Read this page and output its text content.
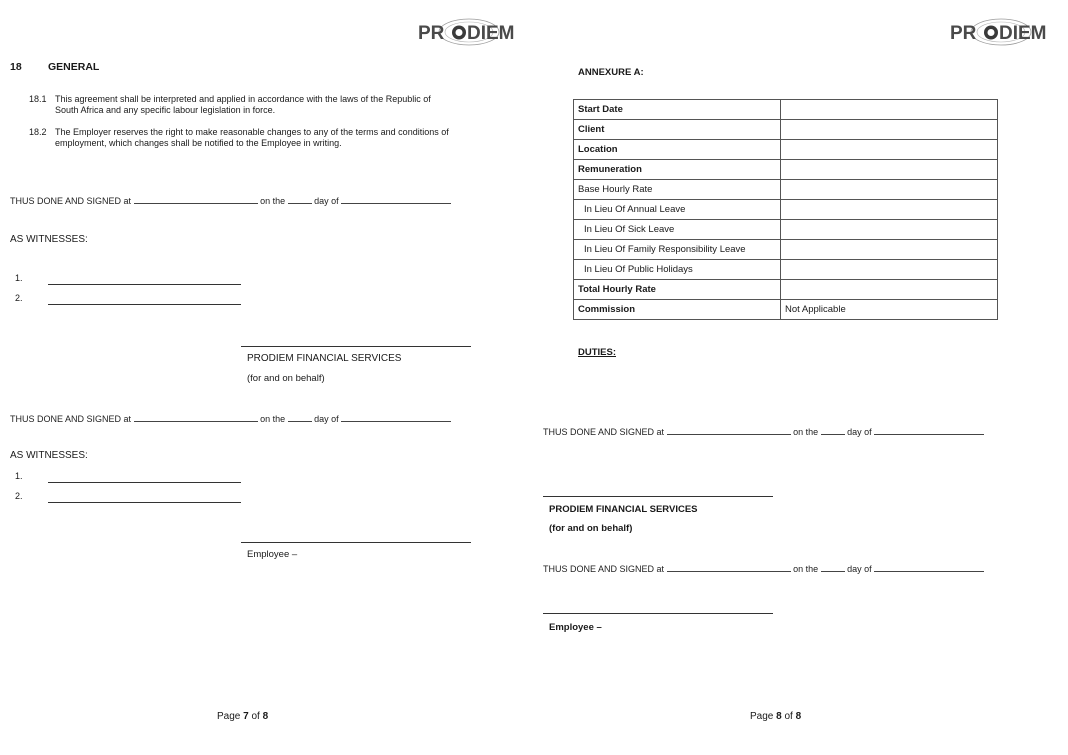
PR DIEM
18	GENERAL
18.1 This agreement shall be interpreted and applied in accordance with the laws of the Republic of
South Africa and any specific labour legislation in force.
18.2 The Employer reserves the right to make reasonable changes to any of the terms and conditions of
employment, which changes shall be notified to the Employee in writing.
THUS DONE AND SIGNED at	on the	day of
AS WITNESSES:
1.
2.
PRODIEM FINANCIAL SERVICES
(for and on behalf)
THUS DONE AND SIGNED at	on the	day of
AS WITNESSES:
1.
2.
Employee –
Page 7 of 8
PR DIEM
ANNEXURE A:
Start Date	
Client	
Location	
Remuneration	
Base Hourly Rate	
In Lieu Of Annual Leave	
In Lieu Of Sick Leave	
In Lieu Of Family Responsibility Leave	
In Lieu Of Public Holidays	
Total Hourly Rate	
Commission	Not Applicable
DUTIES:
THUS DONE AND SIGNED at	on the	day of
PRODIEM FINANCIAL SERVICES
(for and on behalf)
THUS DONE AND SIGNED at	on the	day of
Employee –
Page 8 of 8
